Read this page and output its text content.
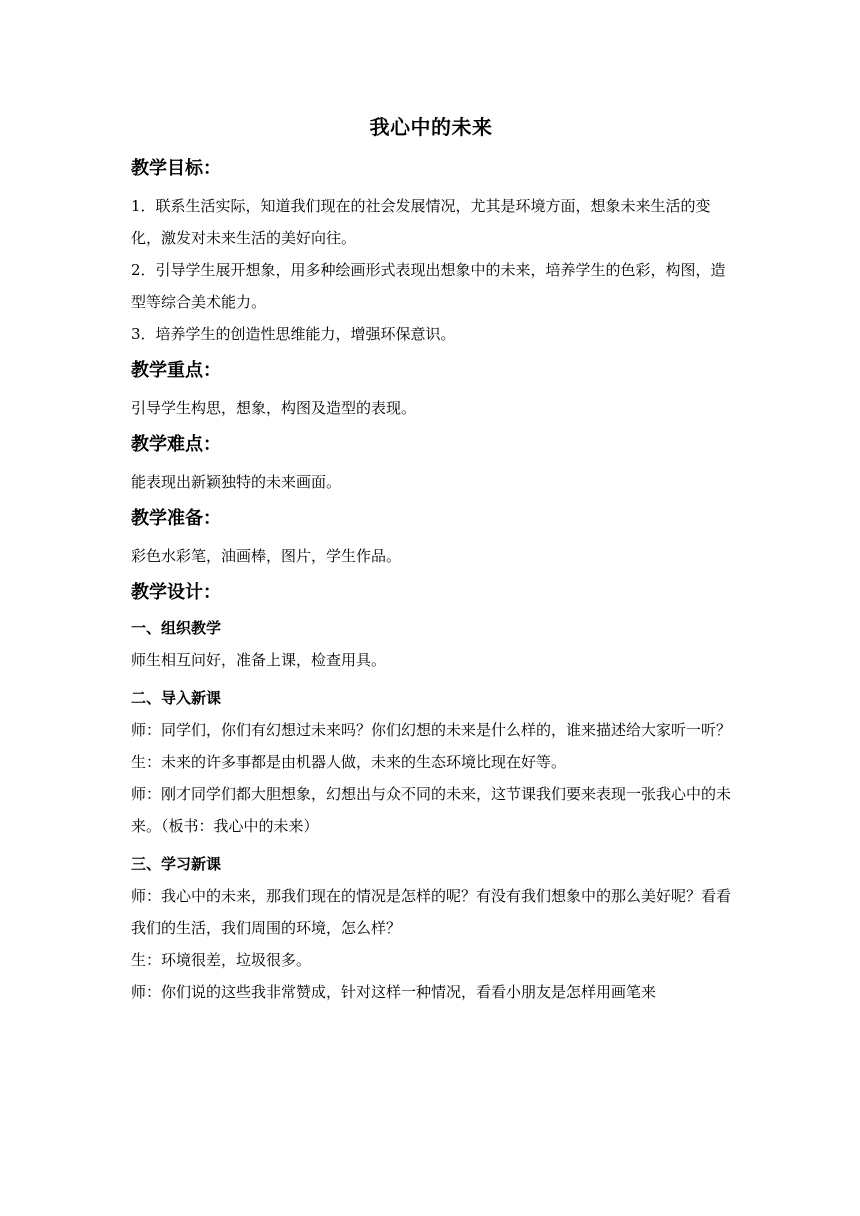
我心中的未来
教学目标：

1．联系生活实际，知道我们现在的社会发展情况，尤其是环境方面，想象未来生活的变化，激发对未来生活的美好向往。

2．引导学生展开想象，用多种绘画形式表现出想象中的未来，培养学生的色彩，构图，造型等综合美术能力。

3．培养学生的创造性思维能力，增强环保意识。

教学重点：

引导学生构思，想象，构图及造型的表现。

教学难点：

能表现出新颖独特的未来画面。

教学准备：

彩色水彩笔，油画棒，图片，学生作品。

教学设计：
一、组织教学

师生相互问好，准备上课，检查用具。

二、导入新课

师：同学们，你们有幻想过未来吗？你们幻想的未来是什么样的，谁来描述给大家听一听？

生：未来的许多事都是由机器人做，未来的生态环境比现在好等。

师：刚才同学们都大胆想象，幻想出与众不同的未来，这节课我们要来表现一张我心中的未来。（板书：我心中的未来）

三、学习新课

师：我心中的未来，那我们现在的情况是怎样的呢？有没有我们想象中的那么美好呢？看看我们的生活，我们周围的环境，怎么样？

生：环境很差，垃圾很多。

师：你们说的这些我非常赞成，针对这样一种情况，看看小朋友是怎样用画笔来
